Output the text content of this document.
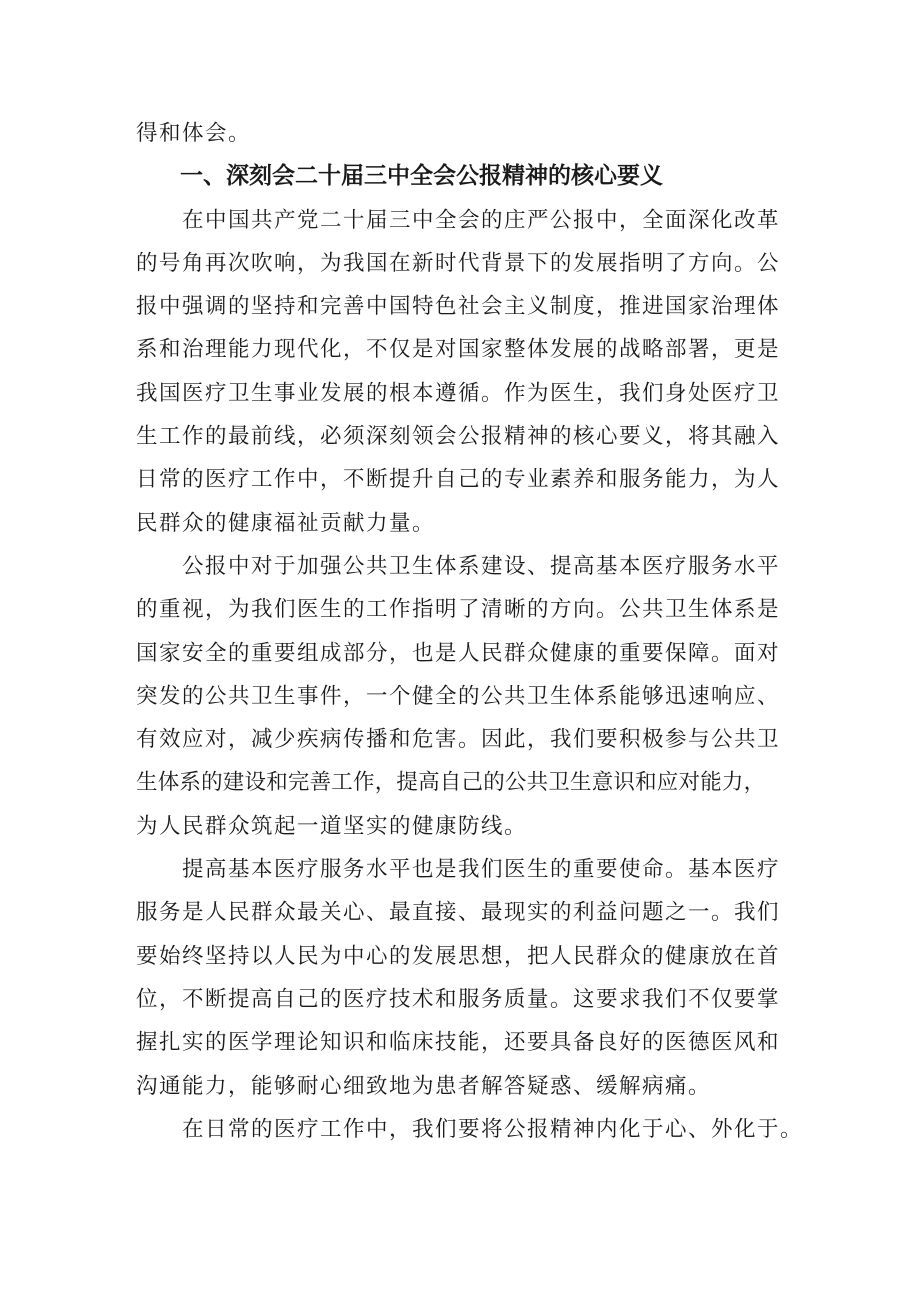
得和体会。
一、深刻会二十届三中全会公报精神的核心要义
在中国共产党二十届三中全会的庄严公报中，全面深化改革
的号角再次吹响，为我国在新时代背景下的发展指明了方向。公
报中强调的坚持和完善中国特色社会主义制度，推进国家治理体
系和治理能力现代化，不仅是对国家整体发展的战略部署，更是
我国医疗卫生事业发展的根本遵循。作为医生，我们身处医疗卫
生工作的最前线，必须深刻领会公报精神的核心要义，将其融入
日常的医疗工作中，不断提升自己的专业素养和服务能力，为人
民群众的健康福祉贡献力量。
公报中对于加强公共卫生体系建设、提高基本医疗服务水平
的重视，为我们医生的工作指明了清晰的方向。公共卫生体系是
国家安全的重要组成部分，也是人民群众健康的重要保障。面对
突发的公共卫生事件，一个健全的公共卫生体系能够迅速响应、
有效应对，减少疾病传播和危害。因此，我们要积极参与公共卫
生体系的建设和完善工作，提高自己的公共卫生意识和应对能力，
为人民群众筑起一道坚实的健康防线。
提高基本医疗服务水平也是我们医生的重要使命。基本医疗
服务是人民群众最关心、最直接、最现实的利益问题之一。我们
要始终坚持以人民为中心的发展思想，把人民群众的健康放在首
位，不断提高自己的医疗技术和服务质量。这要求我们不仅要掌
握扎实的医学理论知识和临床技能，还要具备良好的医德医风和
沟通能力，能够耐心细致地为患者解答疑惑、缓解病痛。
在日常的医疗工作中，我们要将公报精神内化于心、外化于。
